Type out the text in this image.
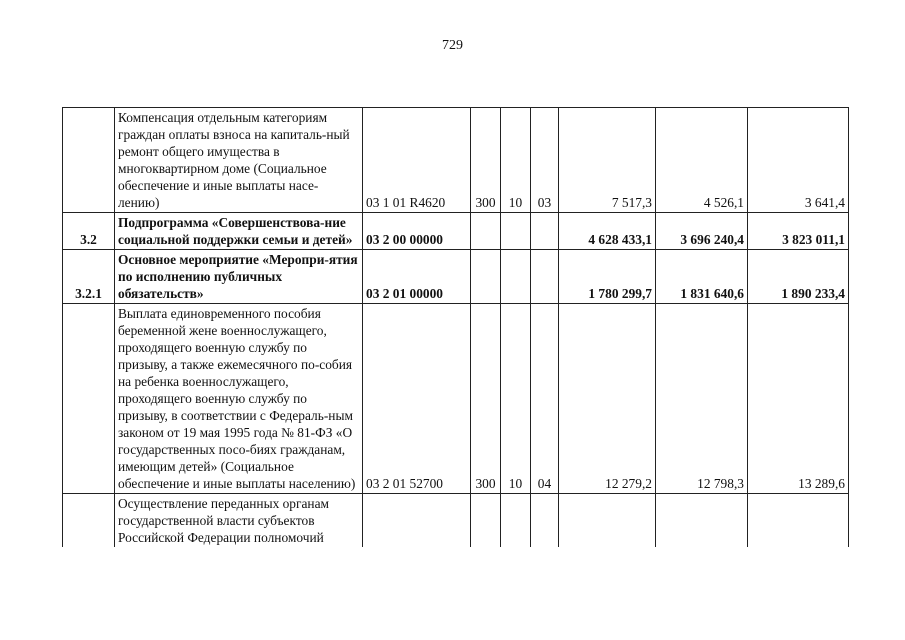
729
	Компенсация отдельным категориям граждан оплаты взноса на капиталь-ный ремонт общего имущества в многоквартирном доме (Социальное обеспечение и иные выплаты насе-лению)	03 1 01 R4620	300	10	03	7 517,3	4 526,1	3 641,4
3.2	Подпрограмма «Совершенствова-ние социальной поддержки семьи и детей»	03 2 00 00000				4 628 433,1	3 696 240,4	3 823 011,1
3.2.1	Основное мероприятие «Меропри-ятия по исполнению публичных обязательств»	03 2 01 00000				1 780 299,7	1 831 640,6	1 890 233,4
	Выплата единовременного пособия беременной жене военнослужащего, проходящего военную службу по призыву, а также ежемесячного по-собия на ребенка военнослужащего, проходящего военную службу по призыву, в соответствии с Федераль-ным законом от 19 мая 1995 года № 81-ФЗ «О государственных посо-биях гражданам, имеющим детей» (Социальное обеспечение и иные выплаты населению)	03 2 01 52700	300	10	04	12 279,2	12 798,3	13 289,6
	Осуществление переданных органам государственной власти субъектов Российской Федерации полномочий							
